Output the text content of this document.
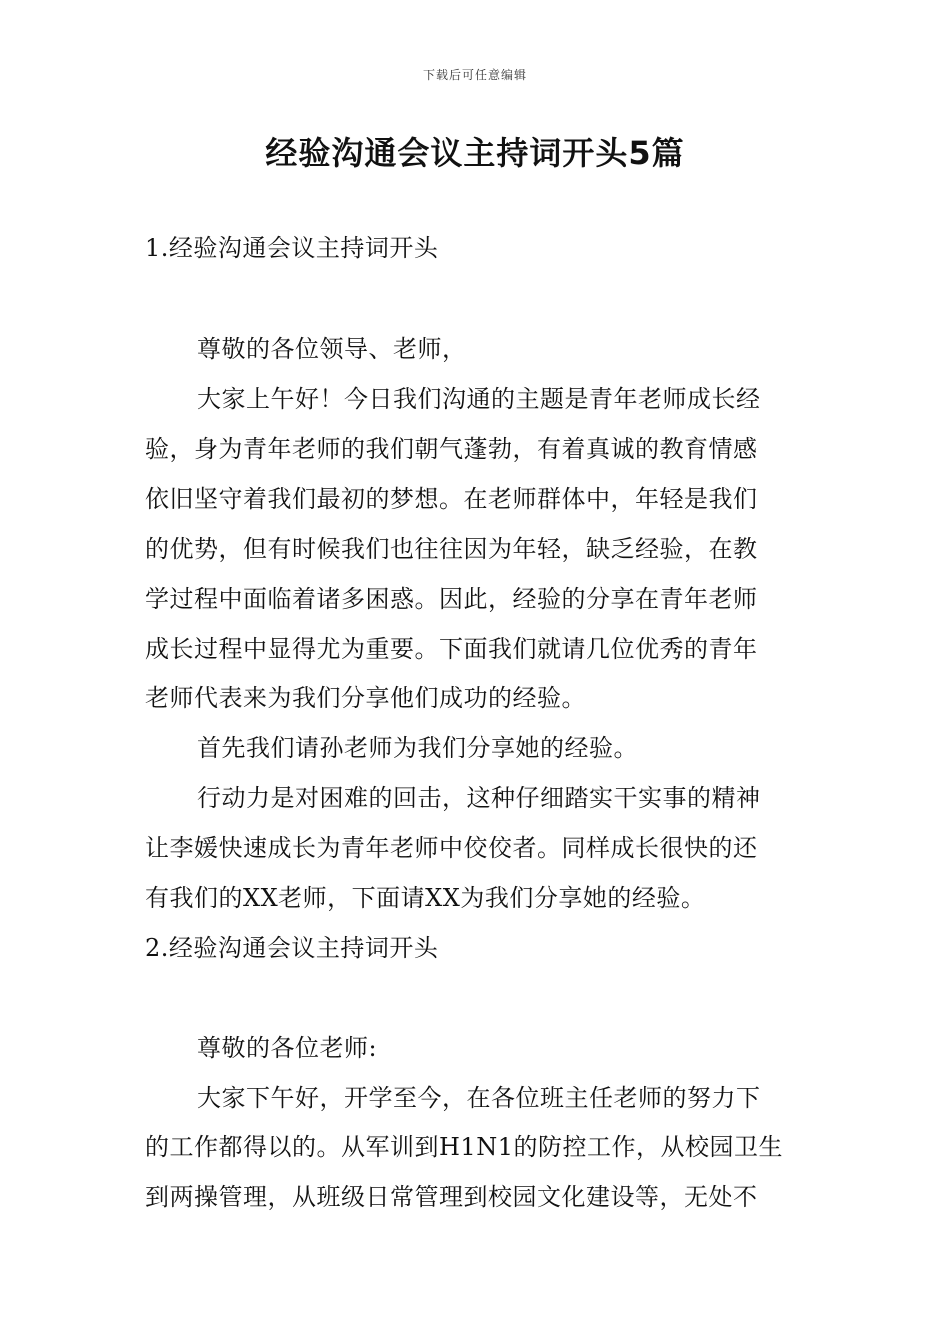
下载后可任意编辑
经验沟通会议主持词开头5篇
1.经验沟通会议主持词开头
尊敬的各位领导、老师，
大家上午好！今日我们沟通的主题是青年老师成长经
验，身为青年老师的我们朝气蓬勃，有着真诚的教育情感
依旧坚守着我们最初的梦想。在老师群体中，年轻是我们
的优势，但有时候我们也往往因为年轻，缺乏经验，在教
学过程中面临着诸多困惑。因此，经验的分享在青年老师
成长过程中显得尤为重要。下面我们就请几位优秀的青年
老师代表来为我们分享他们成功的经验。
首先我们请孙老师为我们分享她的经验。
行动力是对困难的回击，这种仔细踏实干实事的精神
让李媛快速成长为青年老师中佼佼者。同样成长很快的还
有我们的XX老师，下面请XX为我们分享她的经验。
2.经验沟通会议主持词开头
尊敬的各位老师:
大家下午好，开学至今，在各位班主任老师的努力下
的工作都得以的。从军训到H1N1的防控工作，从校园卫生
到两操管理，从班级日常管理到校园文化建设等，无处不
